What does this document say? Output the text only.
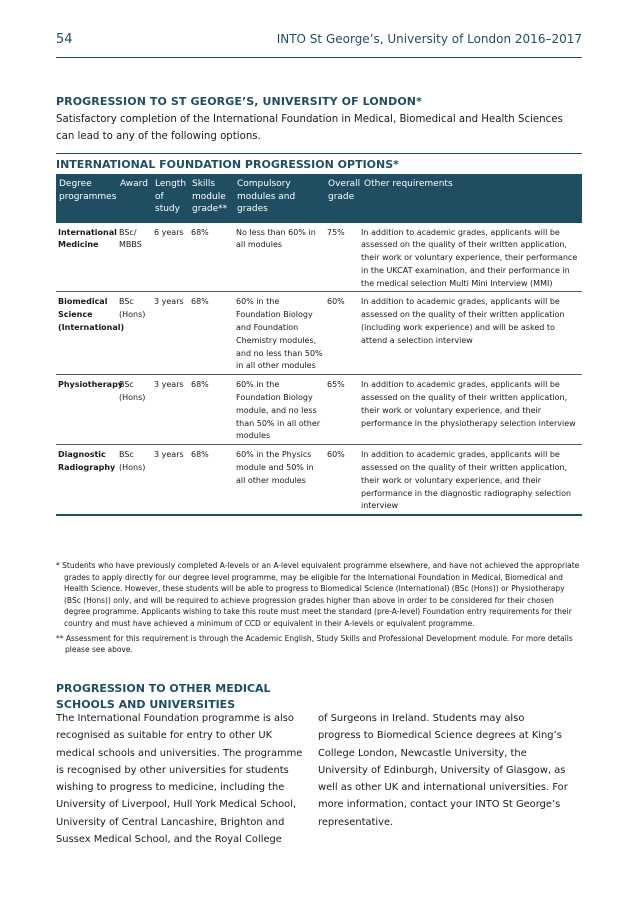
54	INTO St George’s, University of London 2016–2017
PROGRESSION TO ST GEORGE’S, UNIVERSITY OF LONDON*

Satisfactory completion of the International Foundation in Medical, Biomedical and Health Sciences can lead to any of the following options.

INTERNATIONAL FOUNDATION PROGRESSION OPTIONS*
Degree programmes	Award	Length of study	Skills module grade**	Compulsory modules and grades	Overall grade	Other requirements
International Medicine	BSc/ MBBS	6 years	68%	No less than 60% in all modules	75%	In addition to academic grades, applicants will be assessed on the quality of their written application, their work or voluntary experience, their performance in the UKCAT examination, and their performance in the medical selection Multi Mini Interview (MMI)
Biomedical Science (International)	BSc (Hons)	3 years	68%	60% in the Foundation Biology and Foundation Chemistry modules, and no less than 50% in all other modules	60%	In addition to academic grades, applicants will be assessed on the quality of their written application (including work experience) and will be asked to attend a selection interview
Physiotherapy	BSc (Hons)	3 years	68%	60% in the Foundation Biology module, and no less than 50% in all other modules	65%	In addition to academic grades, applicants will be assessed on the quality of their written application, their work or voluntary experience, and their performance in the physiotherapy selection interview
Diagnostic Radiography	BSc (Hons)	3 years	68%	60% in the Physics module and 50% in all other modules	60%	In addition to academic grades, applicants will be assessed on the quality of their written application, their work or voluntary experience, and their performance in the diagnostic radiography selection interview

* Students who have previously completed A-levels or an A-level equivalent programme elsewhere, and have not achieved the appropriate grades to apply directly for our degree level programme, may be eligible for the International Foundation in Medical, Biomedical and Health Science. However, these students will be able to progress to Biomedical Science (International) (BSc (Hons)) or Physiotherapy (BSc (Hons)) only, and will be required to achieve progression grades higher than above in order to be considered for their chosen degree programme. Applicants wishing to take this route must meet the standard (pre-A-level) Foundation entry requirements for their country and must have achieved a minimum of CCD or equivalent in their A-levels or equivalent programme.

** Assessment for this requirement is through the Academic English, Study Skills and Professional Development module. For more details please see above.

PROGRESSION TO OTHER MEDICAL SCHOOLS AND UNIVERSITIES

The International Foundation programme is also recognised as suitable for entry to other UK medical schools and universities. The programme is recognised by other universities for students wishing to progress to medicine, including the University of Liverpool, Hull York Medical School, University of Central Lancashire, Brighton and Sussex Medical School, and the Royal College

of Surgeons in Ireland. Students may also progress to Biomedical Science degrees at King’s College London, Newcastle University, the University of Edinburgh, University of Glasgow, as well as other UK and international universities. For more information, contact your INTO St George’s representative.
